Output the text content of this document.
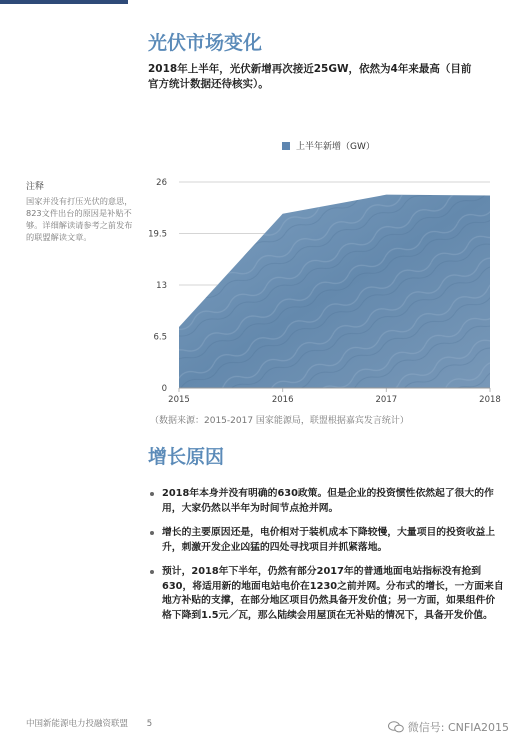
光伏市场变化
2018年上半年，光伏新增再次接近25GW，依然为4年来最高（目前官方统计数据还待核实）。
注释
国家并没有打压光伏的意思，823文件出台的原因是补贴不够。详细解读请参考之前发布的联盟解读文章。
上半年新增（GW）
0
6.5
13
19.5
26
2015	2016	2017	2018
（数据来源：2015-2017 国家能源局，联盟根据嘉宾发言统计）
增长原因
2018年本身并没有明确的630政策。但是企业的投资惯性依然起了很大的作用，大家仍然以半年为时间节点抢并网。
增长的主要原因还是，电价相对于装机成本下降较慢，大量项目的投资收益上升，刺激开发企业凶猛的四处寻找项目并抓紧落地。
预计，2018年下半年，仍然有部分2017年的普通地面电站指标没有抢到630，将适用新的地面电站电价在1230之前并网。分布式的增长，一方面来自地方补贴的支撑，在部分地区项目仍然具备开发价值；另一方面，如果组件价格下降到1.5元／瓦，那么陆续会用屋顶在无补贴的情况下，具备开发价值。
中国新能源电力投融资联盟 5	微信号: CNFIA2015
